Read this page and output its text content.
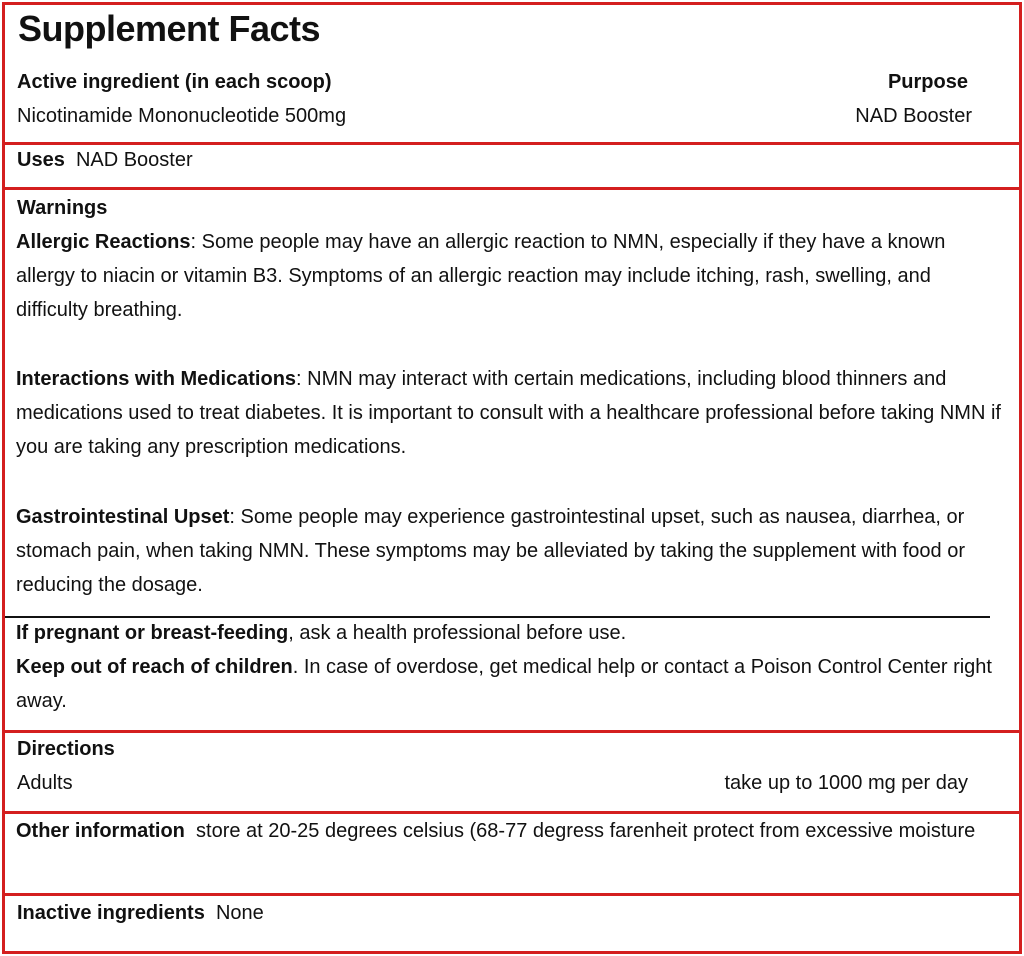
Supplement Facts
Active ingredient (in each scoop)	Purpose
Nicotinamide Mononucleotide 500mg	NAD Booster
Uses NAD Booster
Warnings
Allergic Reactions: Some people may have an allergic reaction to NMN, especially if they have a known allergy to niacin or vitamin B3. Symptoms of an allergic reaction may include itching, rash, swelling, and difficulty breathing.
Interactions with Medications: NMN may interact with certain medications, including blood thinners and medications used to treat diabetes. It is important to consult with a healthcare professional before taking NMN if you are taking any prescription medications.
Gastrointestinal Upset: Some people may experience gastrointestinal upset, such as nausea, diarrhea, or stomach pain, when taking NMN. These symptoms may be alleviated by taking the supplement with food or reducing the dosage.
If pregnant or breast-feeding, ask a health professional before use.
Keep out of reach of children. In case of overdose, get medical help or contact a Poison Control Center right away.
Directions
Adults	take up to 1000 mg per day
Other information store at 20-25 degrees celsius (68-77 degress farenheit protect from excessive moisture
Inactive ingredients None
